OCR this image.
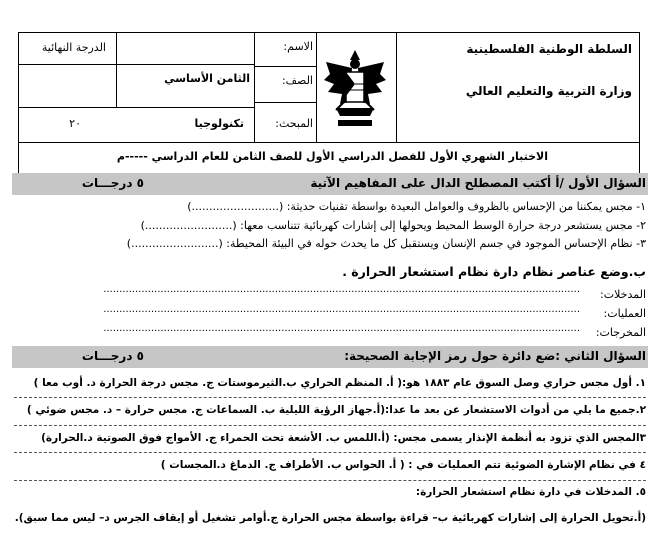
السلطة الوطنية الفلسطينية
وزارة التربية والتعليم العالي
الاسم:
الصف:
الثامن الأساسي
المبحث:
تكنولوجيا
الدرجة النهائية
٢٠
الاختبار الشهري الأول للفصل الدراسي الأول للصف الثامن للعام الدراسي -----م
السؤال الأول /أ أكتب المصطلح الدال على المفاهيم الآتية
٥ درجـــات
١- مجس يمكننا من الإحساس بالظروف والعوامل البعيدة بواسطة تقنيات حديثة: (.........................)
٢- مجس يستشعر درجة حرارة الوسط المحيط ويحولها إلى إشارات كهربائية تتناسب معها: (.........................)
٣- نظام الإحساس الموجود في جسم الإنسان ويستقبل كل ما يحدث حوله في البيئة المحيطة: (.........................)
ب.وضع عناصر نظام دارة نظام استشعار الحرارة .
المدخلات:
......................................................................................................................................................
العمليات:
......................................................................................................................................................
المخرجات:
......................................................................................................................................................
السؤال الثاني :ضع دائرة حول رمز الإجابة الصحيحة:
٥ درجـــات
١. أول مجس حراري وصل السوق عام ١٨٨٣ هو:( أ. المنظم الحراري ب.الثيرموستات ج. مجس درجة الحرارة د. أوب معا )
٢.جميع ما يلي من أدوات الاستشعار عن بعد ما عدا:(أ.جهاز الرؤية الليلية ب. السماعات ج. مجس حرارة – د. مجس ضوئي )
٣المجس الذي تزود به أنظمة الإنذار يسمى مجس: (أ.اللمس ب. الأشعة تحت الحمراء ج. الأمواج فوق الصوتية د.الحرارة)
٤ في نظام الإشارة الضوئية تتم العمليات في : ( أ. الحواس ب. الأطراف ج. الدماغ د.المجسات )
٥. المدخلات في دارة نظام استشعار الحرارة:
(أ.تحويل الحرارة إلى إشارات كهربائية ب– قراءة بواسطة مجس الحرارة ج.أوامر تشغيل أو إيقاف الجرس د– ليس مما سبق).
